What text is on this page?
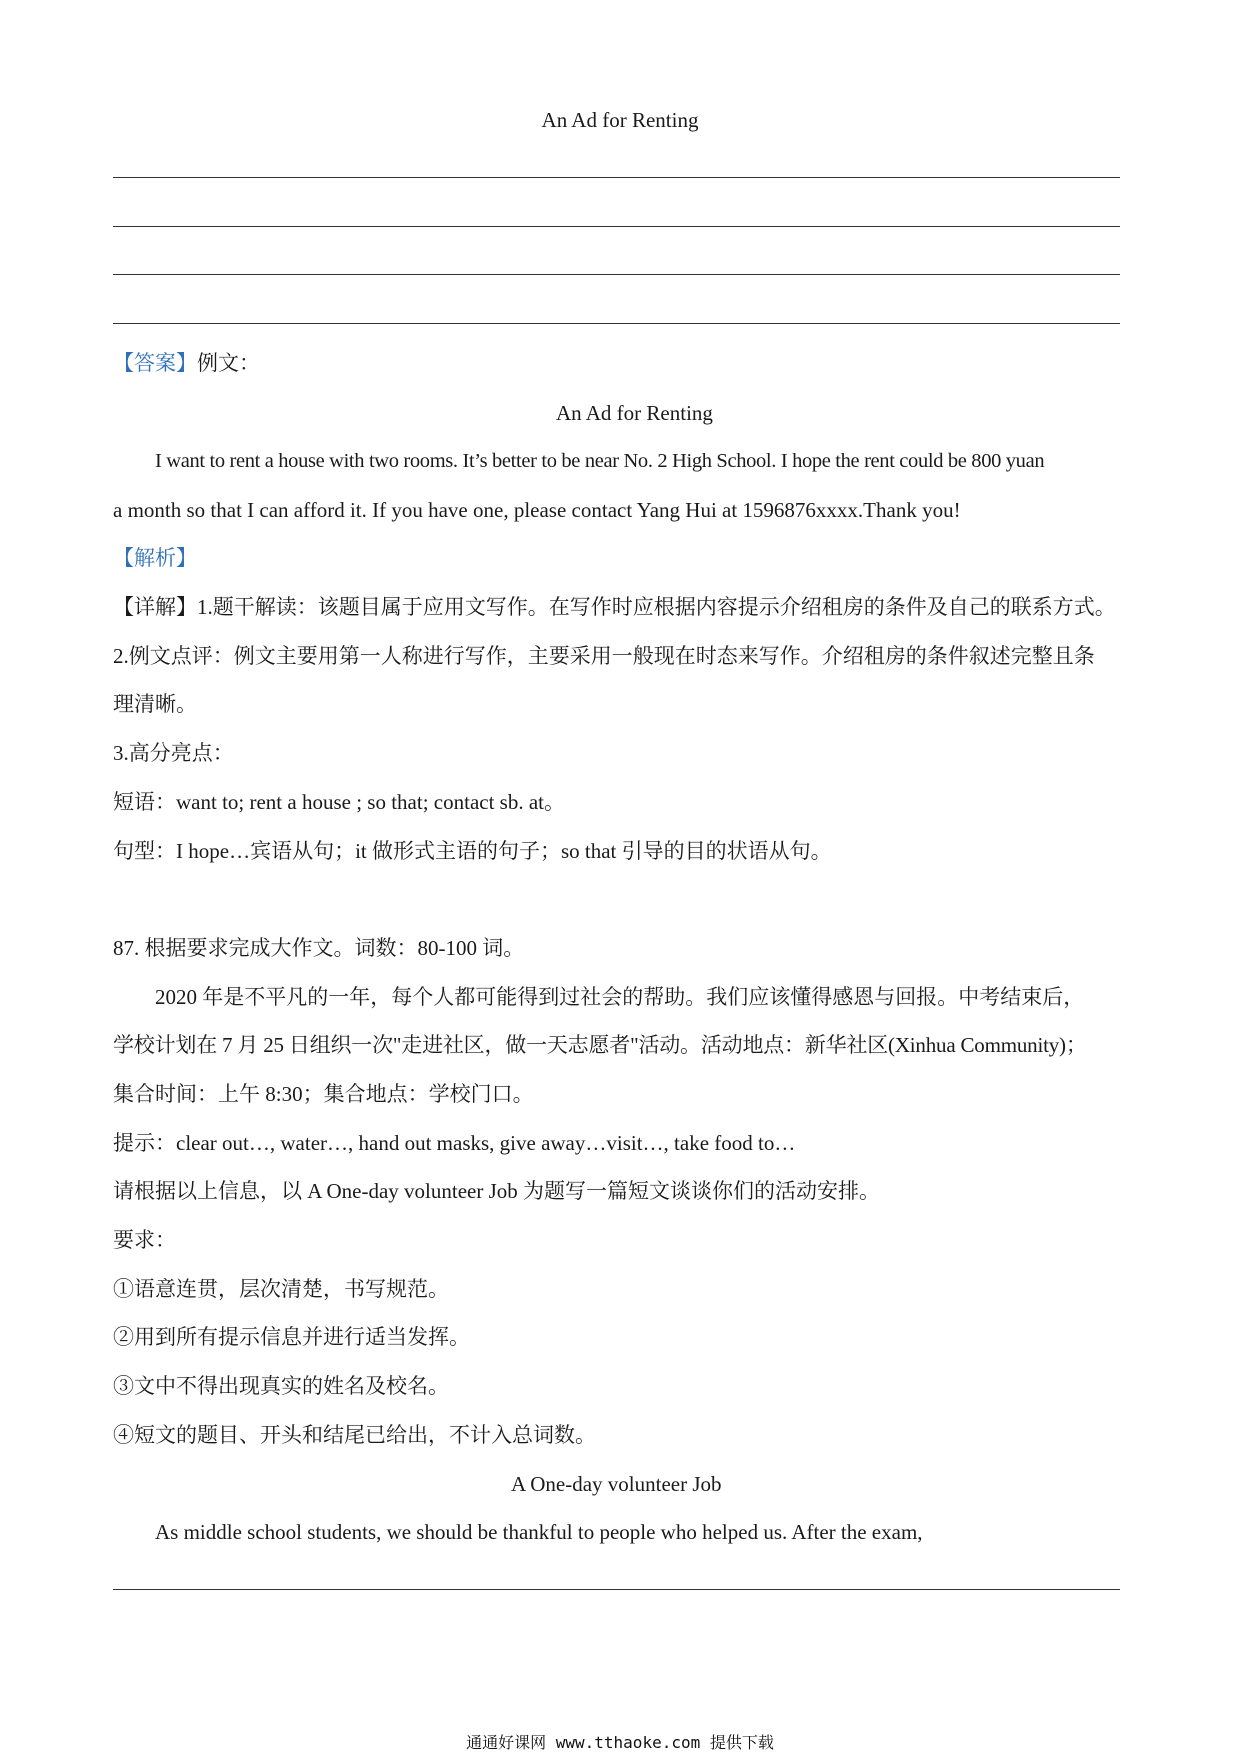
An Ad for Renting
【答案】例文：
An Ad for Renting
I want to rent a house with two rooms. It’s better to be near No. 2 High School. I hope the rent could be 800 yuan
a month so that I can afford it. If you have one, please contact Yang Hui at 1596876xxxx.Thank you!
【解析】
【详解】1.题干解读：该题目属于应用文写作。在写作时应根据内容提示介绍租房的条件及自己的联系方式。
2.例文点评：例文主要用第一人称进行写作，主要采用一般现在时态来写作。介绍租房的条件叙述完整且条
理清晰。
3.高分亮点：
短语：want to; rent a house ; so that; contact sb. at。
句型：I hope…宾语从句；it 做形式主语的句子；so that 引导的目的状语从句。
87. 根据要求完成大作文。词数：80-100 词。
2020 年是不平凡的一年，每个人都可能得到过社会的帮助。我们应该懂得感恩与回报。中考结束后，
学校计划在 7 月 25 日组织一次"走进社区，做一天志愿者"活动。活动地点：新华社区(Xinhua Community)；
集合时间：上午 8:30；集合地点：学校门口。
提示：clear out…, water…, hand out masks, give away…visit…, take food to…
请根据以上信息，以 A One-day volunteer Job 为题写一篇短文谈谈你们的活动安排。
要求：
①语意连贯，层次清楚，书写规范。
②用到所有提示信息并进行适当发挥。
③文中不得出现真实的姓名及校名。
④短文的题目、开头和结尾已给出，不计入总词数。
A One-day volunteer Job
As middle school students, we should be thankful to people who helped us. After the exam,
通通好课网 www.tthaoke.com 提供下载
